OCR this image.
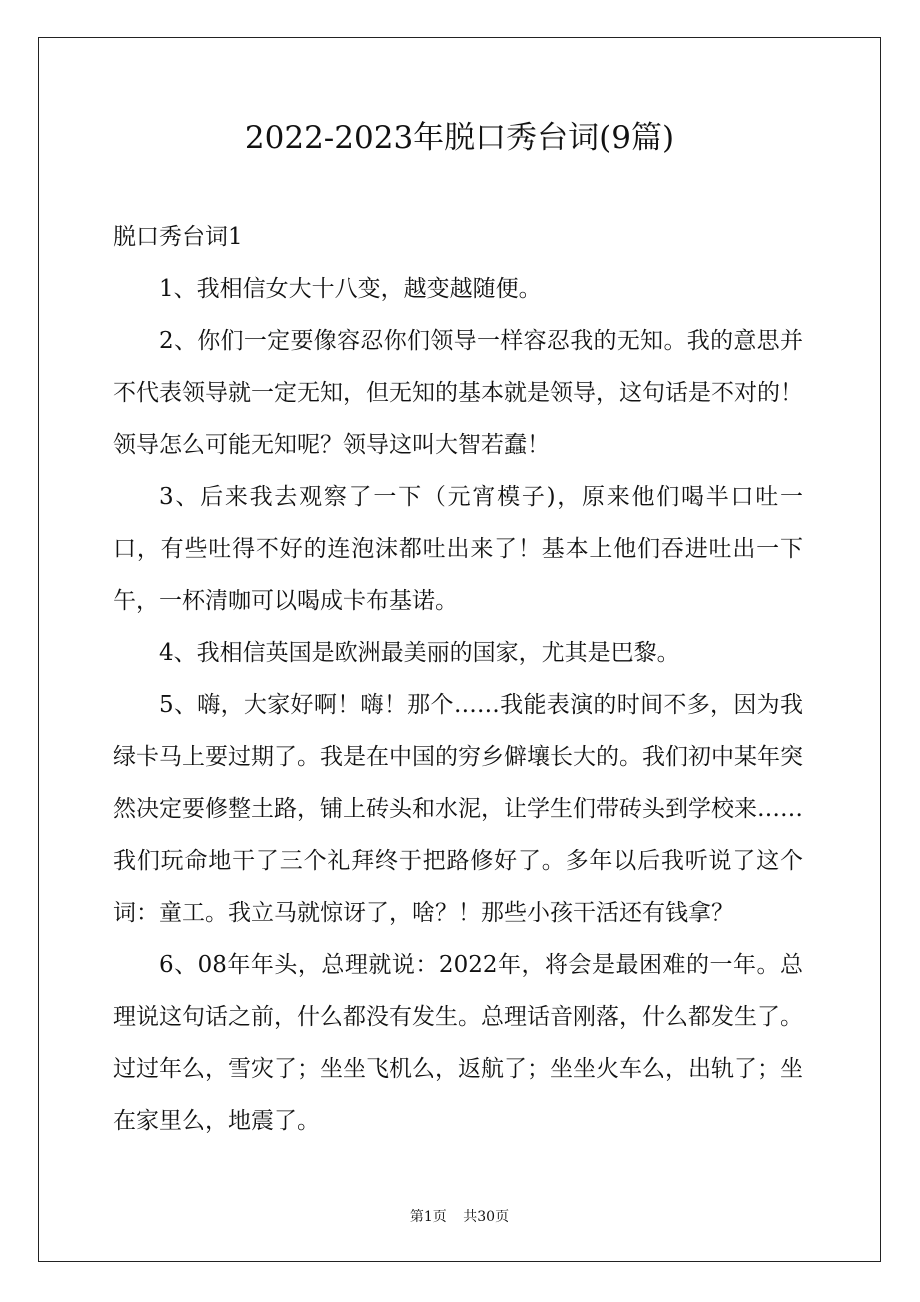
2022-2023年脱口秀台词(9篇)

脱口秀台词1

1、我相信女大十八变，越变越随便。

2、你们一定要像容忍你们领导一样容忍我的无知。我的意思并不代表领导就一定无知，但无知的基本就是领导，这句话是不对的！领导怎么可能无知呢？领导这叫大智若蠢！

3、后来我去观察了一下（元宵模子)，原来他们喝半口吐一口，有些吐得不好的连泡沫都吐出来了！基本上他们吞进吐出一下午，一杯清咖可以喝成卡布基诺。

4、我相信英国是欧洲最美丽的国家，尤其是巴黎。

5、嗨，大家好啊！嗨！那个……我能表演的时间不多，因为我绿卡马上要过期了。我是在中国的穷乡僻壤长大的。我们初中某年突然决定要修整土路，铺上砖头和水泥，让学生们带砖头到学校来……我们玩命地干了三个礼拜终于把路修好了。多年以后我听说了这个词：童工。我立马就惊讶了，啥？！那些小孩干活还有钱拿？

6、08年年头，总理就说：2022年，将会是最困难的一年。总理说这句话之前，什么都没有发生。总理话音刚落，什么都发生了。过过年么，雪灾了；坐坐飞机么，返航了；坐坐火车么，出轨了；坐在家里么，地震了。

第1页 共30页
